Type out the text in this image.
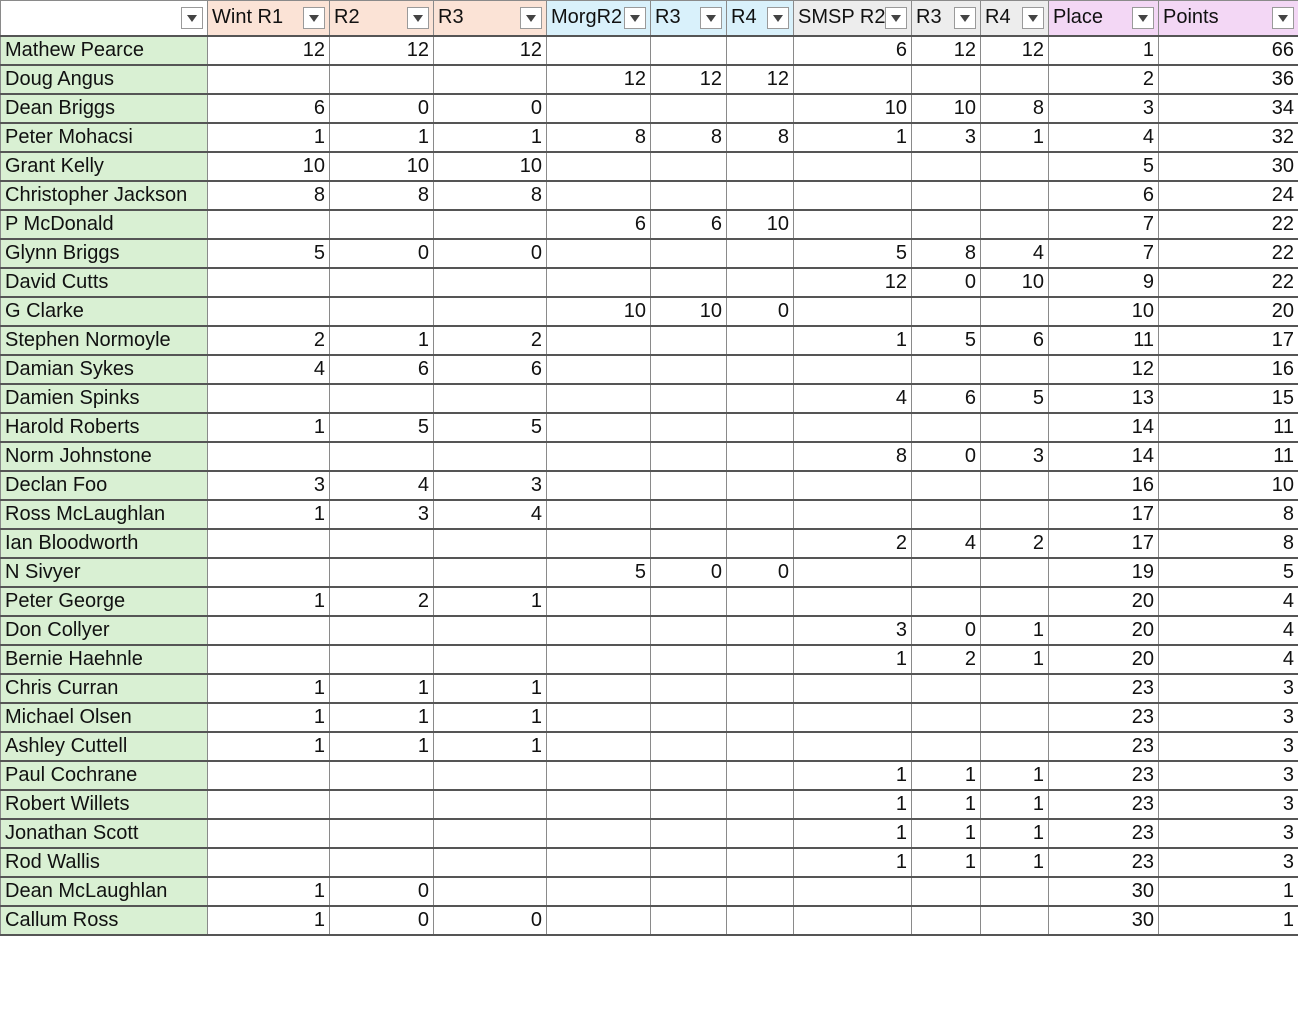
	Wint R1	R2	R3	MorgR2	R3	R4	SMSP R2	R3	R4	Place	Points

Mathew Pearce	12	12	12				6	12	12	1	66
Doug Angus				12	12	12				2	36
Dean Briggs	6	0	0				10	10	8	3	34
Peter Mohacsi	1	1	1	8	8	8	1	3	1	4	32
Grant Kelly	10	10	10							5	30
Christopher Jackson	8	8	8							6	24
P McDonald				6	6	10				7	22
Glynn Briggs	5	0	0				5	8	4	7	22
David Cutts							12	0	10	9	22
G Clarke				10	10	0				10	20
Stephen Normoyle	2	1	2				1	5	6	11	17
Damian Sykes	4	6	6							12	16
Damien Spinks							4	6	5	13	15
Harold Roberts	1	5	5							14	11
Norm Johnstone							8	0	3	14	11
Declan Foo	3	4	3							16	10
Ross McLaughlan	1	3	4							17	8
Ian Bloodworth							2	4	2	17	8
N Sivyer				5	0	0				19	5
Peter George	1	2	1							20	4
Don Collyer							3	0	1	20	4
Bernie Haehnle							1	2	1	20	4
Chris Curran	1	1	1							23	3
Michael Olsen	1	1	1							23	3
Ashley Cuttell	1	1	1							23	3
Paul Cochrane							1	1	1	23	3
Robert Willets							1	1	1	23	3
Jonathan Scott							1	1	1	23	3
Rod Wallis							1	1	1	23	3
Dean McLaughlan	1	0								30	1
Callum Ross	1	0	0							30	1
